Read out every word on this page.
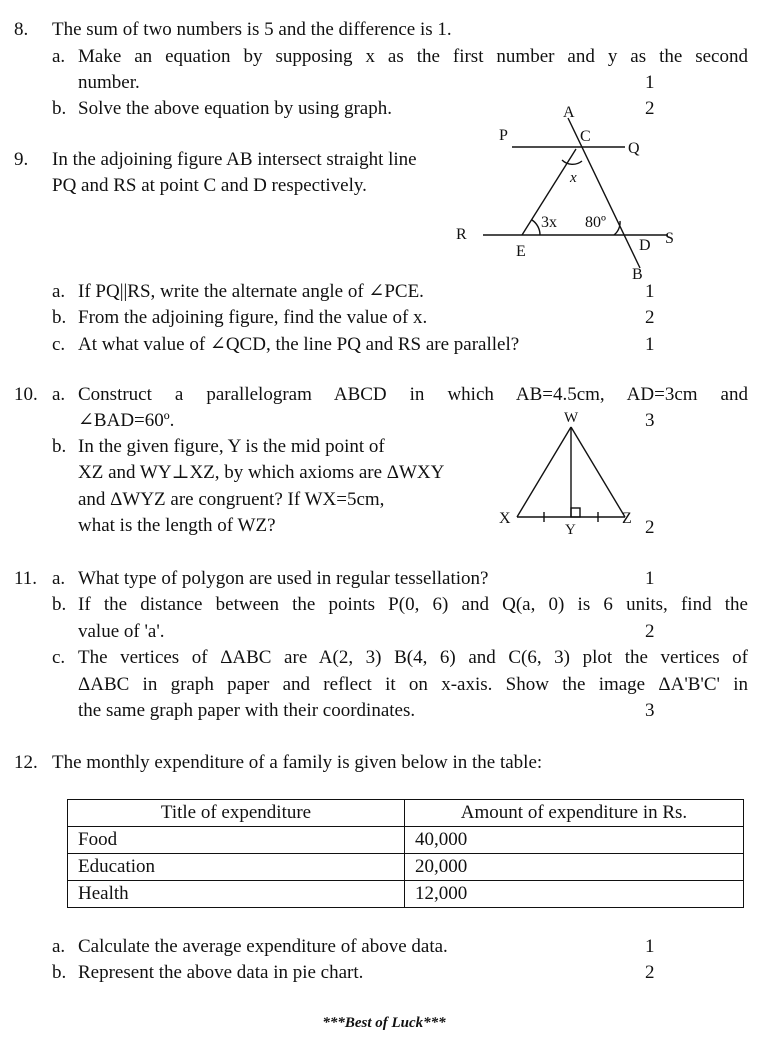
8. The sum of two numbers is 5 and the difference is 1.
a. Make an equation by supposing x as the first number and y as the second
number.	1
b. Solve the above equation by using graph.	2
9. In the adjoining figure AB intersect straight line
PQ and RS at point C and D respectively.
A
C
P
Q
x
3x 80º
R
E	D S
B
a. If PQ||RS, write the alternate angle of ∠PCE.	1
b. From the adjoining figure, find the value of x.	2
c. At what value of ∠QCD, the line PQ and RS are parallel?	1
10. a. Construct a parallelogram ABCD in which AB=4.5cm, AD=3cm and
∠BAD=60º.	3
b. In the given figure, Y is the mid point of
XZ and WY⊥XZ, by which axioms are ΔWXY
and ΔWYZ are congruent? If WX=5cm,
what is the length of WZ?	2
W
X
Y
Z
11. a. What type of polygon are used in regular tessellation?	1
b. If the distance between the points P(0, 6) and Q(a, 0) is 6 units, find the
value of 'a'.	2
c. The vertices of ΔABC are A(2, 3) B(4, 6) and C(6, 3) plot the vertices of
ΔABC in graph paper and reflect it on x-axis. Show the image ΔA'B'C' in
the same graph paper with their coordinates.	3
12. The monthly expenditure of a family is given below in the table:
Title of expenditure	Amount of expenditure in Rs.
Food	40,000
Education	20,000
Health	12,000
a. Calculate the average expenditure of above data.	1
b. Represent the above data in pie chart.	2
***Best of Luck***
